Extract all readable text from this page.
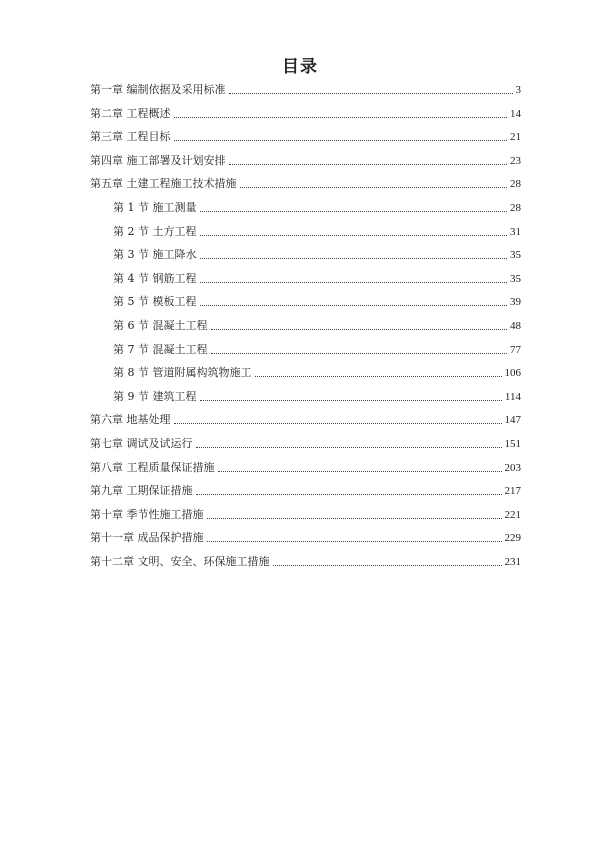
目录
第一章 编制依据及采用标准	3
第二章 工程概述	14
第三章 工程目标	21
第四章 施工部署及计划安排	23
第五章 土建工程施工技术措施	28
第 1 节 施工测量	28
第 2 节 土方工程	31
第 3 节 施工降水	35
第 4 节 钢筋工程	35
第 5 节 模板工程	39
第 6 节 混凝土工程	48
第 7 节 混凝土工程	77
第 8 节 管道附属构筑物施工	106
第 9 节 建筑工程	114
第六章 地基处理	147
第七章 调试及试运行	151
第八章 工程质量保证措施	203
第九章 工期保证措施	217
第十章 季节性施工措施	221
第十一章 成品保护措施	229
第十二章 文明、安全、环保施工措施	231
